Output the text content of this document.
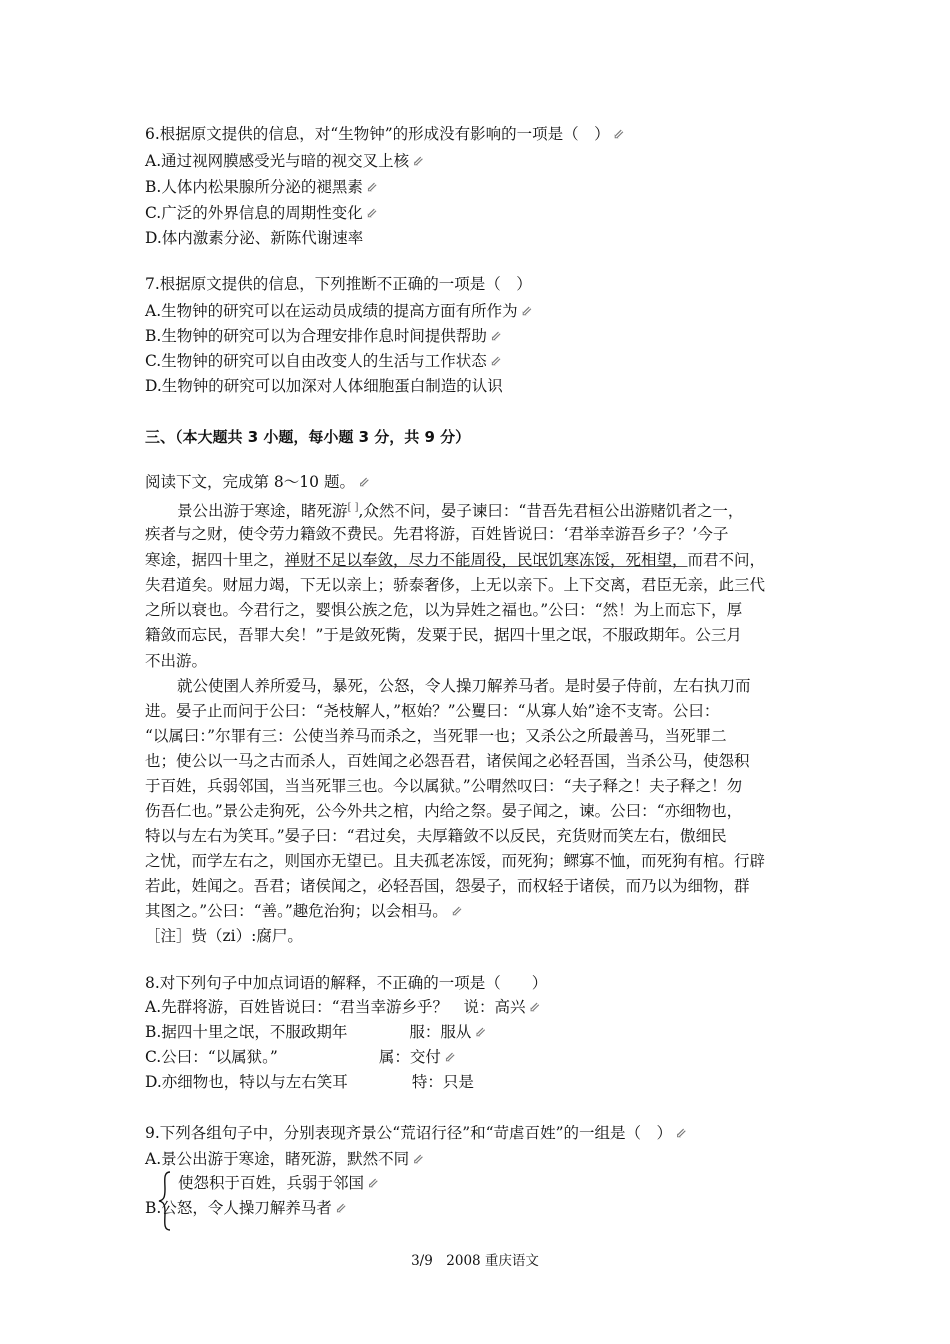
6.根据原文提供的信息，对“生物钟”的形成没有影响的一项是（　） ⇙
A.通过视网膜感受光与暗的视交叉上核 ⇙
B.人体内松果腺所分泌的褪黑素 ⇙
C.广泛的外界信息的周期性变化 ⇙
D.体内激素分泌、新陈代谢速率
7.根据原文提供的信息，下列推断不正确的一项是（　）
A.生物钟的研究可以在运动员成绩的提高方面有所作为 ⇙
B.生物钟的研究可以为合理安排作息时间提供帮助 ⇙
C.生物钟的研究可以自由改变人的生活与工作状态 ⇙
D.生物钟的研究可以加深对人体细胞蛋白制造的认识
三、（本大题共 3 小题，每小题 3 分，共 9 分）
阅读下文，完成第 8～10 题。 ⇙
景公出游于寒途，睹死游[ ],众然不问，晏子谏曰：“昔吾先君桓公出游赌饥者之一，
疾者与之财，使令劳力籍敛不费民。先君将游，百姓皆说曰：‘君举幸游吾乡子？’今子
寒途，据四十里之，禅财不足以奉敛，尽力不能周役，民氓饥寒冻馁，死相望，而君不问，
失君道矣。财屈力竭，下无以亲上；骄泰奢侈，上无以亲下。上下交离，君臣无亲，此三代
之所以衰也。今君行之，婴惧公族之危，以为异姓之福也。”公曰：“然！为上而忘下，厚
籍敛而忘民，吾罪大矣！”于是敛死胔，发粟于民，据四十里之氓，不服政期年。公三月
不出游。
就公使圉人养所爱马，暴死，公怒，令人操刀解养马者。是时晏子侍前，左右执刀而
进。晏子止而问于公曰：“尧枝解人，”枢始？”公矍曰：“从寡人始”途不支寄。公曰：
“以属曰：”尔罪有三：公使当养马而杀之，当死罪一也；又杀公之所最善马，当死罪二
也；使公以一马之古而杀人，百姓闻之必怨吾君，诸侯闻之必轻吾国，当杀公马，使怨积
于百姓，兵弱邻国，当当死罪三也。今以属狱。”公喟然叹曰：“夫子释之！夫子释之！勿
伤吾仁也。”景公走狗死，公今外共之棺，内给之祭。晏子闻之，谏。公曰：“亦细物也，
特以与左右为笑耳。”晏子曰：“君过矣，夫厚籍敛不以反民，充货财而笑左右，傲细民
之忧，而学左右之，则国亦无望已。且夫孤老冻馁，而死狗；鳏寡不恤，而死狗有棺。行辟
若此，姓闻之。吾君；诸侯闻之，必轻吾国，怨晏子，而权轻于诸侯，而乃以为细物，群
其图之。”公曰：“善。”趣危治狗；以会相马。 ⇙
［注］赀（zi）:腐尸。
8.对下列句子中加点词语的解释，不正确的一项是（　　）
A.先群将游，百姓皆说曰：“君当幸游乡乎？　说：高兴 ⇙
B.据四十里之氓，不服政期年	服：服从 ⇙
C.公曰：“以属狱。”	属：交付 ⇙
D.亦细物也，特以与左右笑耳	特：只是
9.下列各组句子中，分别表现齐景公“荒诏行径”和“苛虐百姓”的一组是（　） ⇙
A.景公出游于寒途，睹死游，默然不同 ⇙
使怨积于百姓，兵弱于邻国 ⇙
B.公怒，令人操刀解养马者 ⇙
3/9　2008 重庆语文
